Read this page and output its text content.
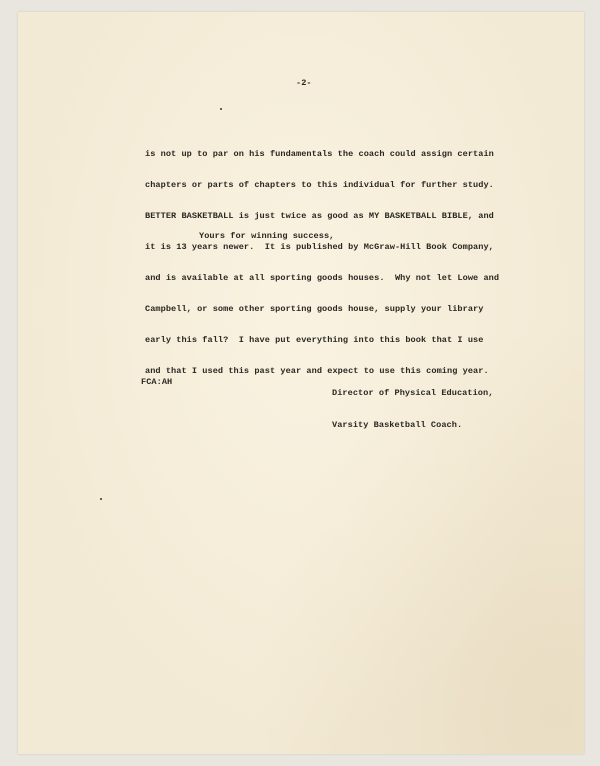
-2-

is not up to par on his fundamentals the coach could assign certain

chapters or parts of chapters to this individual for further study.

BETTER BASKETBALL is just twice as good as MY BASKETBALL BIBLE, and

it is 13 years newer.  It is published by McGraw-Hill Book Company,

and is available at all sporting goods houses.  Why not let Lowe and

Campbell, or some other sporting goods house, supply your library

early this fall?  I have put everything into this book that I use

and that I used this past year and expect to use this coming year.

Yours for winning success,

Director of Physical Education,

Varsity Basketball Coach.

FCA:AH
